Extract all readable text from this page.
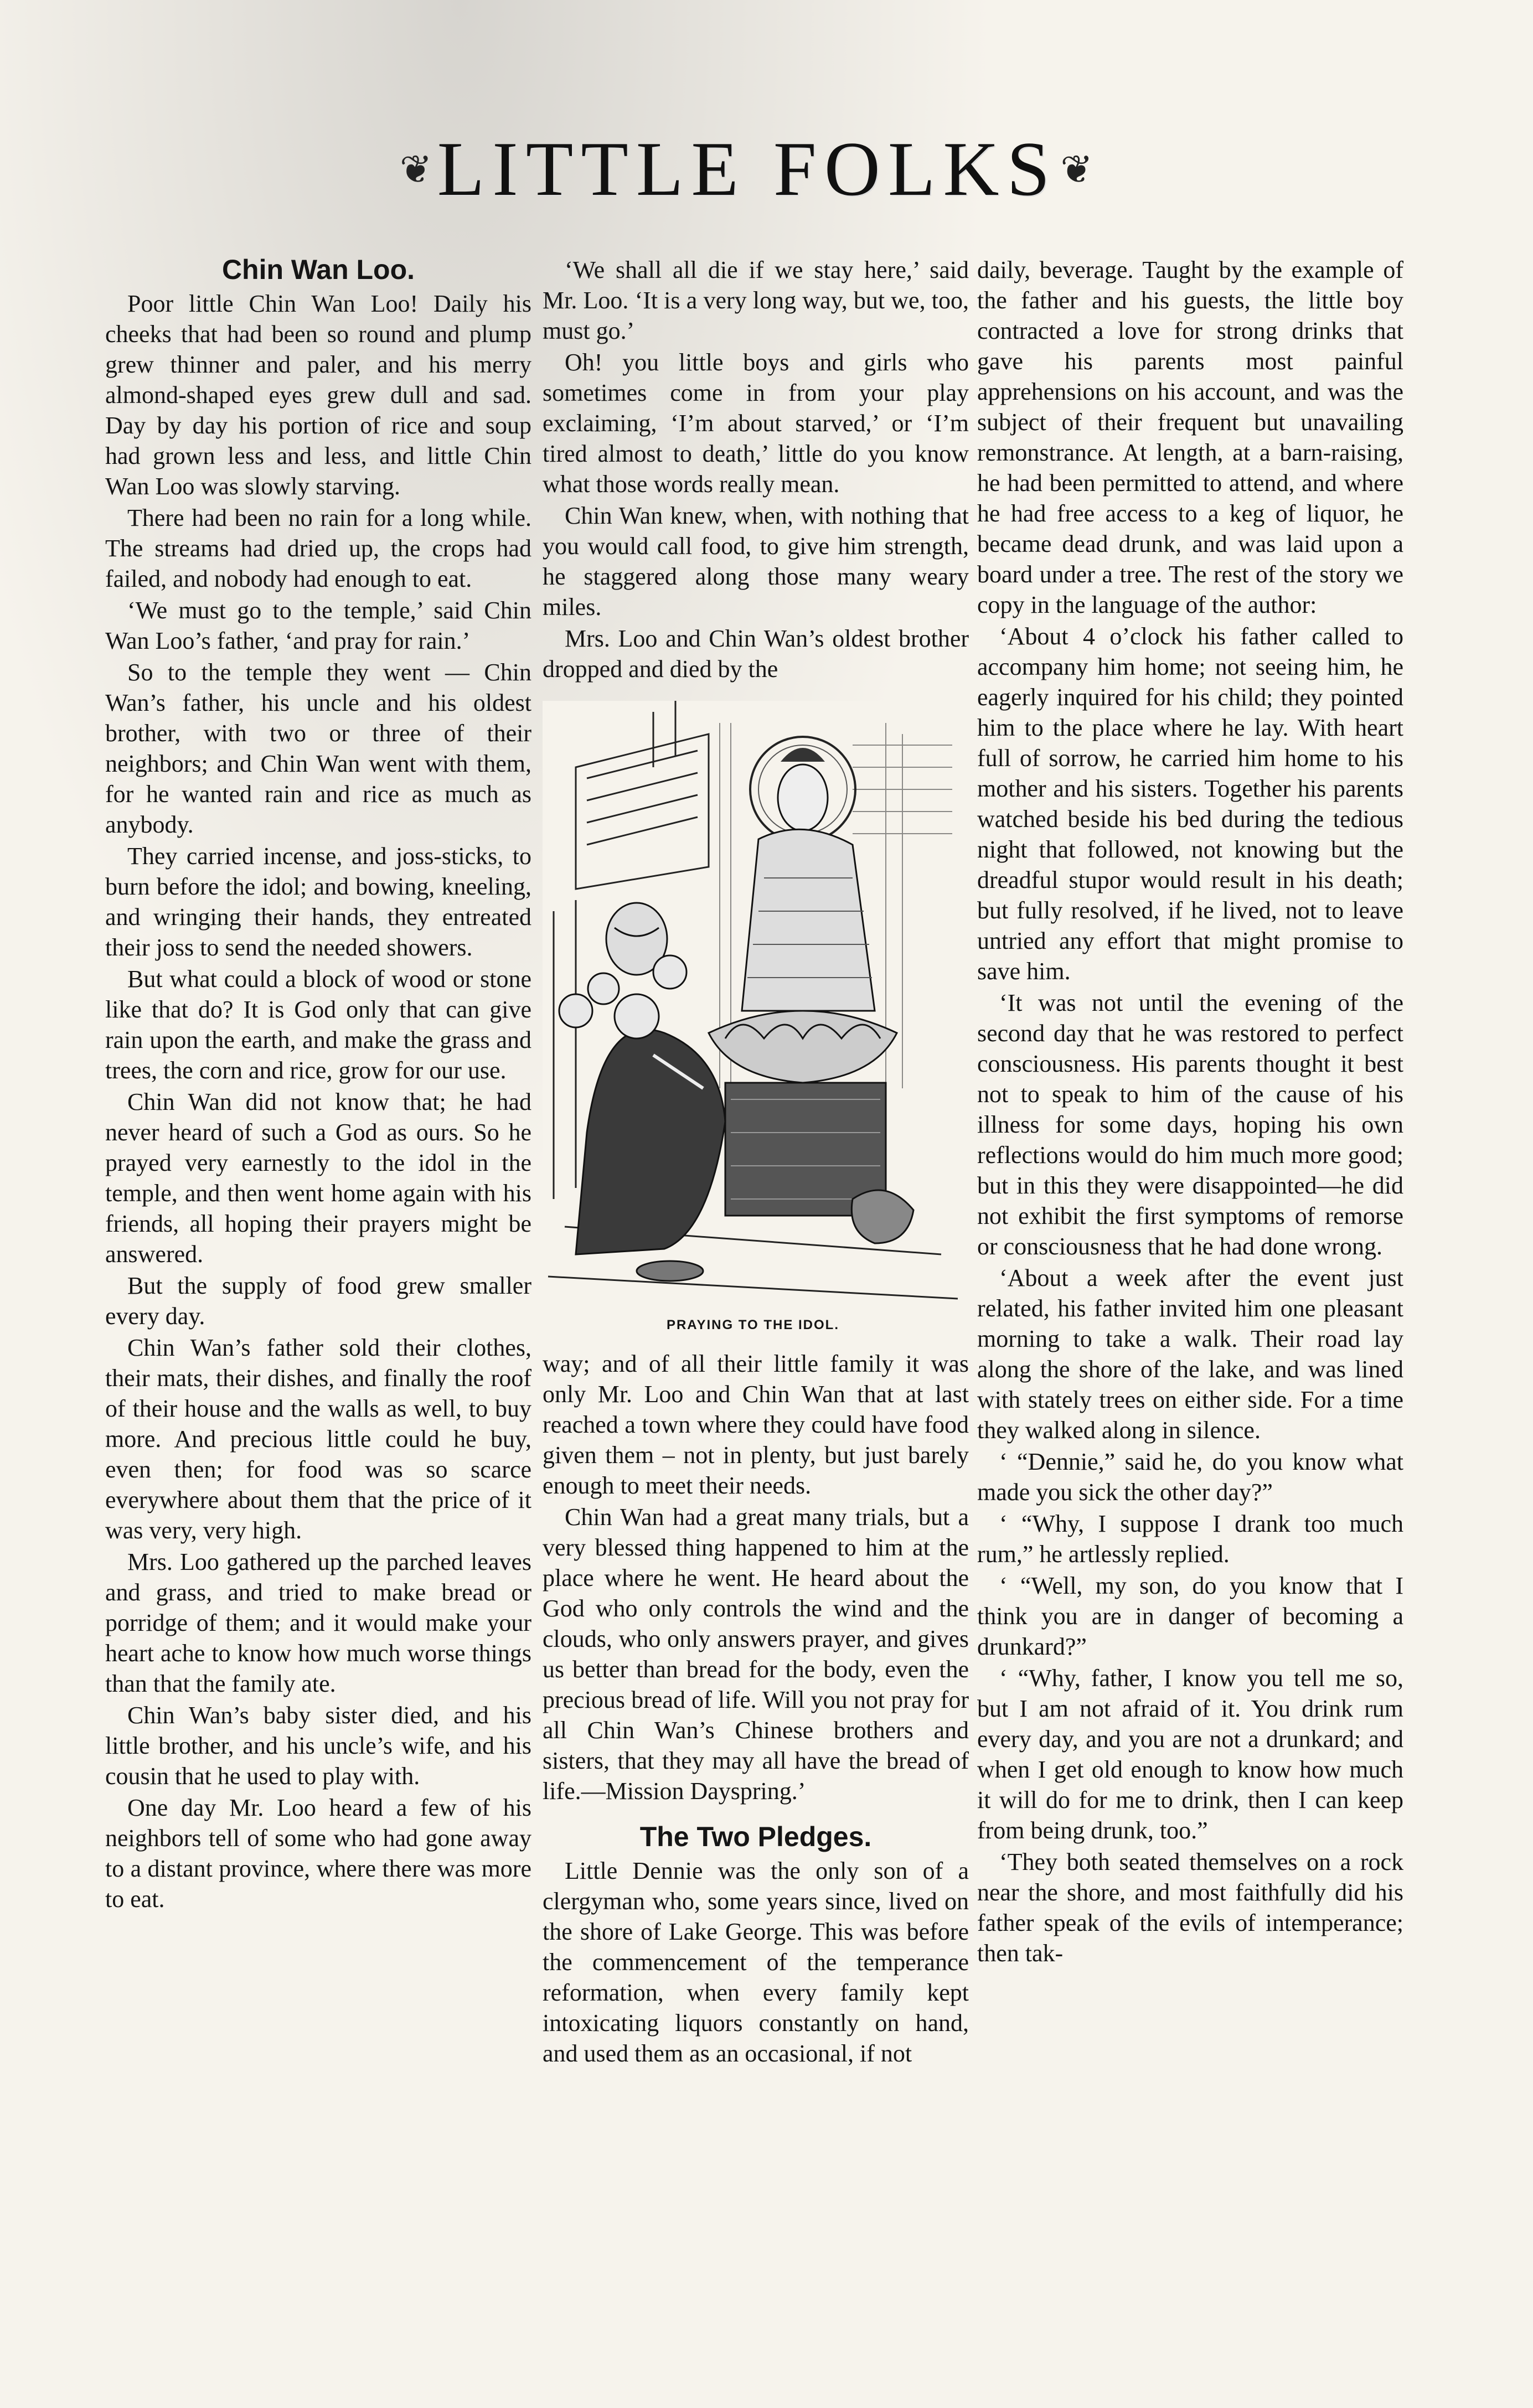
❦ LITTLE FOLKS ❦
Chin Wan Loo.

Poor little Chin Wan Loo! Daily his cheeks that had been so round and plump grew thinner and paler, and his merry almond-shaped eyes grew dull and sad. Day by day his portion of rice and soup had grown less and less, and little Chin Wan Loo was slowly starving.

There had been no rain for a long while. The streams had dried up, the crops had failed, and nobody had enough to eat.

‘We must go to the temple,’ said Chin Wan Loo’s father, ‘and pray for rain.’

So to the temple they went — Chin Wan’s father, his uncle and his oldest brother, with two or three of their neighbors; and Chin Wan went with them, for he wanted rain and rice as much as anybody.

They carried incense, and joss-sticks, to burn before the idol; and bowing, kneeling, and wringing their hands, they entreated their joss to send the needed showers.

But what could a block of wood or stone like that do? It is God only that can give rain upon the earth, and make the grass and trees, the corn and rice, grow for our use.

Chin Wan did not know that; he had never heard of such a God as ours. So he prayed very earnestly to the idol in the temple, and then went home again with his friends, all hoping their prayers might be answered.

But the supply of food grew smaller every day.

Chin Wan’s father sold their clothes, their mats, their dishes, and finally the roof of their house and the walls as well, to buy more. And precious little could he buy, even then; for food was so scarce everywhere about them that the price of it was very, very high.

Mrs. Loo gathered up the parched leaves and grass, and tried to make bread or porridge of them; and it would make your heart ache to know how much worse things than that the family ate.

Chin Wan’s baby sister died, and his little brother, and his uncle’s wife, and his cousin that he used to play with.

One day Mr. Loo heard a few of his neighbors tell of some who had gone away to a distant province, where there was more to eat.

‘We shall all die if we stay here,’ said Mr. Loo. ‘It is a very long way, but we, too, must go.’

Oh! you little boys and girls who sometimes come in from your play exclaiming, ‘I’m about starved,’ or ‘I’m tired almost to death,’ little do you know what those words really mean.

Chin Wan knew, when, with nothing that you would call food, to give him strength, he staggered along those many weary miles.

Mrs. Loo and Chin Wan’s oldest brother dropped and died by the

PRAYING TO THE IDOL.

way; and of all their little family it was only Mr. Loo and Chin Wan that at last reached a town where they could have food given them – not in plenty, but just barely enough to meet their needs.

Chin Wan had a great many trials, but a very blessed thing happened to him at the place where he went. He heard about the God who only controls the wind and the clouds, who only answers prayer, and gives us better than bread for the body, even the precious bread of life. Will you not pray for all Chin Wan’s Chinese brothers and sisters, that they may all have the bread of life.—Mission Dayspring.’

The Two Pledges.

Little Dennie was the only son of a clergyman who, some years since, lived on the shore of Lake George. This was before the commencement of the temperance reformation, when every family kept intoxicating liquors constantly on hand, and used them as an occasional, if not

daily, beverage. Taught by the example of the father and his guests, the little boy contracted a love for strong drinks that gave his parents most painful apprehensions on his account, and was the subject of their frequent but unavailing remonstrance. At length, at a barn-raising, he had been permitted to attend, and where he had free access to a keg of liquor, he became dead drunk, and was laid upon a board under a tree. The rest of the story we copy in the language of the author:

‘About 4 o’clock his father called to accompany him home; not seeing him, he eagerly inquired for his child; they pointed him to the place where he lay. With heart full of sorrow, he carried him home to his mother and his sisters. Together his parents watched beside his bed during the tedious night that followed, not knowing but the dreadful stupor would result in his death; but fully resolved, if he lived, not to leave untried any effort that might promise to save him.

‘It was not until the evening of the second day that he was restored to perfect consciousness. His parents thought it best not to speak to him of the cause of his illness for some days, hoping his own reflections would do him much more good; but in this they were disappointed—he did not exhibit the first symptoms of remorse or consciousness that he had done wrong.

‘About a week after the event just related, his father invited him one pleasant morning to take a walk. Their road lay along the shore of the lake, and was lined with stately trees on either side. For a time they walked along in silence.

‘ “Dennie,” said he, do you know what made you sick the other day?”

‘ “Why, I suppose I drank too much rum,” he artlessly replied.

‘ “Well, my son, do you know that I think you are in danger of becoming a drunkard?”

‘ “Why, father, I know you tell me so, but I am not afraid of it. You drink rum every day, and you are not a drunkard; and when I get old enough to know how much it will do for me to drink, then I can keep from being drunk, too.”

‘They both seated themselves on a rock near the shore, and most faithfully did his father speak of the evils of intemperance; then tak-
